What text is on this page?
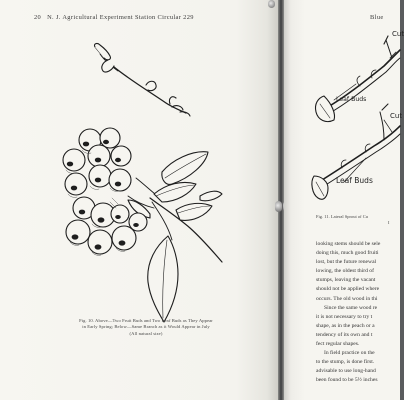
20 N. J. Agricultural Experiment Station Circular 229
Fig. 10. Above—Two Fruit Buds and Two Leaf Buds as They Appear
in Early Spring; Below—Same Branch as it Would Appear in July
(All natural size)
Blue
Cut
Leaf Buds
Cut
Leaf Buds
Fig. 11. Lateral Sprout of Cu
I
looking stems should be sele
doing this, much good fruiti
lost, but the future renewal
lowing, the oldest third of
stumps, leaving the vacant
should not be applied where
occurs. The old wood in thi
Since the same wood re
it is not necessary to try t
shape, as in the peach or a
tendency of its own and t
fect regular shapes.
In field practice on the
to the stump, is done first.
advisable to use long-hand
been found to be 5½ inches
